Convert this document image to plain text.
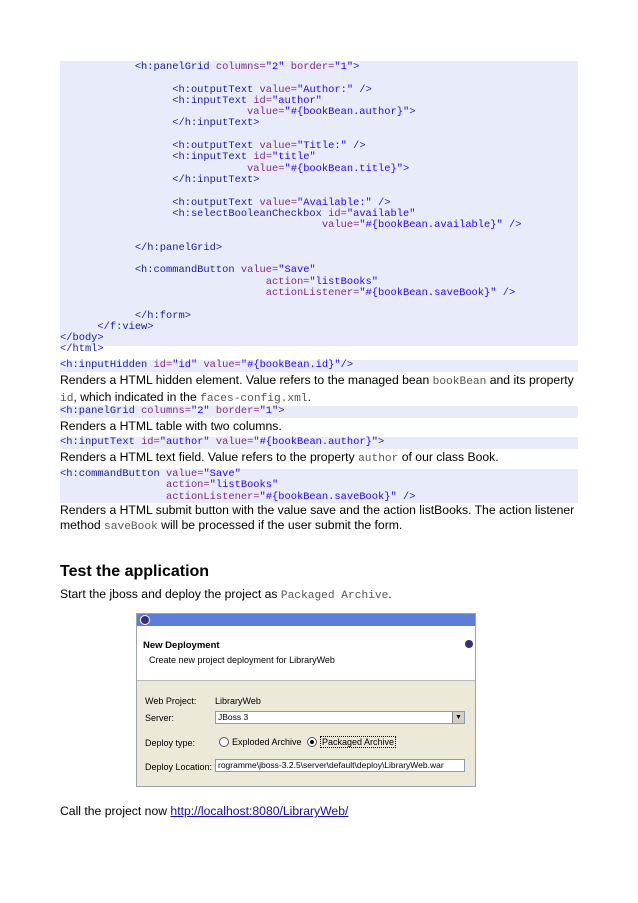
<h:panelGrid columns="2" border="1">

<h:outputText value="Author:" />
<h:inputText id="author"
value="#{bookBean.author}">
</h:inputText>

<h:outputText value="Title:" />
<h:inputText id="title"
value="#{bookBean.title}">
</h:inputText>

<h:outputText value="Available:" />
<h:selectBooleanCheckbox id="available"
value="#{bookBean.available}" />

</h:panelGrid>

<h:commandButton value="Save"
action="listBooks"
actionListener="#{bookBean.saveBook}" />

</h:form>
</f:view>
</body>
</html>
<h:inputHidden id="id" value="#{bookBean.id}"/>
Renders a HTML hidden element. Value refers to the managed bean bookBean and its property
id, which indicated in the faces-config.xml.
<h:panelGrid columns="2" border="1">
Renders a HTML table with two columns.
<h:inputText id="author" value="#{bookBean.author}">
Renders a HTML text field. Value refers to the property author of our class Book.
<h:commandButton value="Save"
action="listBooks"
actionListener="#{bookBean.saveBook}" />
Renders a HTML submit button with the value save and the action listBooks. The action listener
method saveBook will be processed if the user submit the form.
Test the application
Start the jboss and deploy the project as Packaged Archive.
New Deployment
Create new project deployment for LibraryWeb
Web Project: LibraryWeb
Server:	JBoss 3	▼
Deploy type:	Exploded Archive Packaged Archive
Deploy Location: rogramme\jboss-3.2.5\server\default\deploy\LibraryWeb.war
Call the project now http://localhost:8080/LibraryWeb/
